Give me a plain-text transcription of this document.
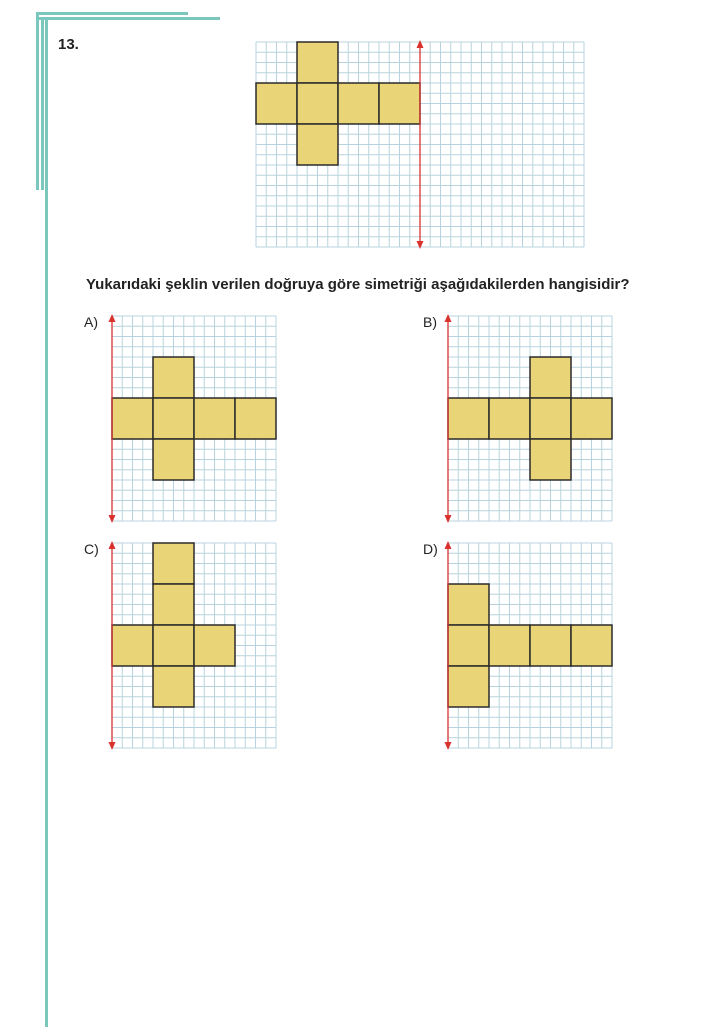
13.
Yukarıdaki şeklin verilen doğruya göre simetriği aşağıdakilerden hangisidir?
A)	B)
C)	D)
